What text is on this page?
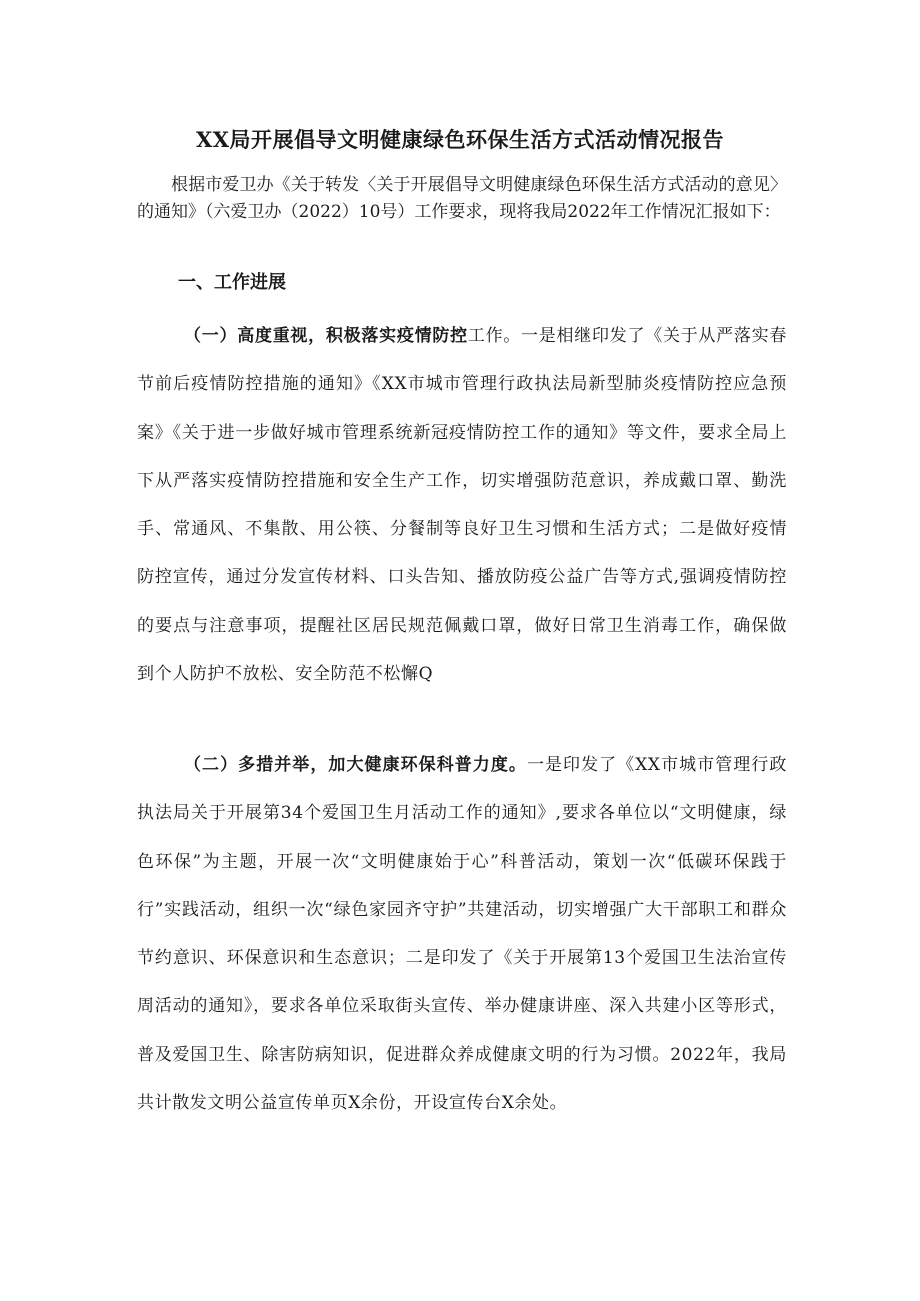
XX局开展倡导文明健康绿色环保生活方式活动情况报告
根据市爱卫办《关于转发〈关于开展倡导文明健康绿色环保生活方式活动的意见〉的通知》（六爱卫办（2022）10号）工作要求，现将我局2022年工作情况汇报如下：
一、工作进展
（一）高度重视，积极落实疫情防控工作。一是相继印发了《关于从严落实春节前后疫情防控措施的通知》《XX市城市管理行政执法局新型肺炎疫情防控应急预案》《关于进一步做好城市管理系统新冠疫情防控工作的通知》等文件，要求全局上下从严落实疫情防控措施和安全生产工作，切实增强防范意识，养成戴口罩、勤洗手、常通风、不集散、用公筷、分餐制等良好卫生习惯和生活方式；二是做好疫情防控宣传，通过分发宣传材料、口头告知、播放防疫公益广告等方式,强调疫情防控的要点与注意事项，提醒社区居民规范佩戴口罩，做好日常卫生消毒工作，确保做到个人防护不放松、安全防范不松懈Q
（二）多措并举，加大健康环保科普力度。一是印发了《XX市城市管理行政执法局关于开展第34个爱国卫生月活动工作的通知》,要求各单位以“文明健康，绿色环保”为主题，开展一次“文明健康始于心”科普活动，策划一次“低碳环保践于行”实践活动，组织一次“绿色家园齐守护”共建活动，切实增强广大干部职工和群众节约意识、环保意识和生态意识；二是印发了《关于开展第13个爱国卫生法治宣传周活动的通知》，要求各单位采取街头宣传、举办健康讲座、深入共建小区等形式，普及爱国卫生、除害防病知识，促进群众养成健康文明的行为习惯。2022年，我局共计散发文明公益宣传单页X余份，开设宣传台X余处。
